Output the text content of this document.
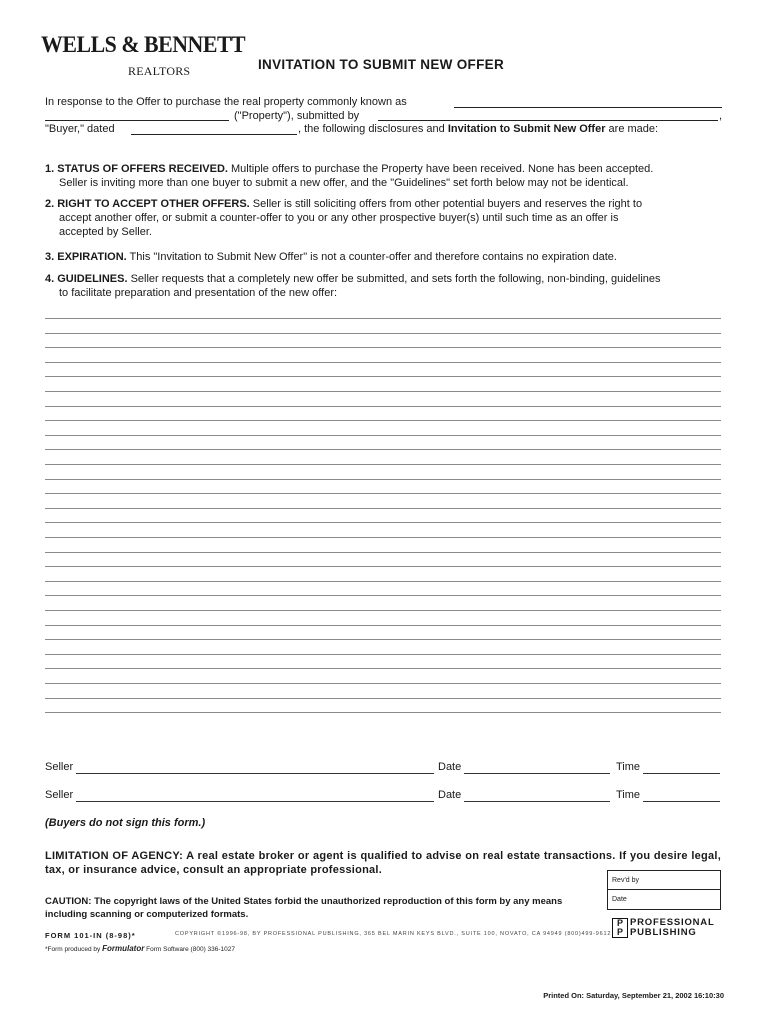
WELLS & BENNETT
REALTORS	INVITATION TO SUBMIT NEW OFFER
In response to the Offer to purchase the real property commonly known as
("Property"), submitted by	,
"Buyer," dated	, the following disclosures and Invitation to Submit New Offer are made:
1. STATUS OF OFFERS RECEIVED. Multiple offers to purchase the Property have been received. None has been accepted.
Seller is inviting more than one buyer to submit a new offer, and the "Guidelines" set forth below may not be identical.
2. RIGHT TO ACCEPT OTHER OFFERS. Seller is still soliciting offers from other potential buyers and reserves the right to
accept another offer, or submit a counter-offer to you or any other prospective buyer(s) until such time as an offer is
accepted by Seller.
3. EXPIRATION. This "Invitation to Submit New Offer" is not a counter-offer and therefore contains no expiration date.
4. GUIDELINES. Seller requests that a completely new offer be submitted, and sets forth the following, non-binding, guidelines
to facilitate preparation and presentation of the new offer:
Seller	Date	Time
Seller	Date	Time
(Buyers do not sign this form.)
LIMITATION OF AGENCY: A real estate broker or agent is qualified to advise on real estate transactions. If you desire legal, tax, or insurance advice, consult an appropriate professional.
CAUTION: The copyright laws of the United States forbid the unauthorized reproduction of this form by any means including scanning or computerized formats.
Rev'd by
Date
FORM 101-IN (8-98)*	COPYRIGHT ©1996-98, BY PROFESSIONAL PUBLISHING, 365 BEL MARIN KEYS BLVD., SUITE 100, NOVATO, CA 94949 (800)499-9612
*Form produced by Formulator Form Software (800) 336-1027
P
P
PROFESSIONAL
PUBLISHING
Printed On: Saturday, September 21, 2002 16:10:30
